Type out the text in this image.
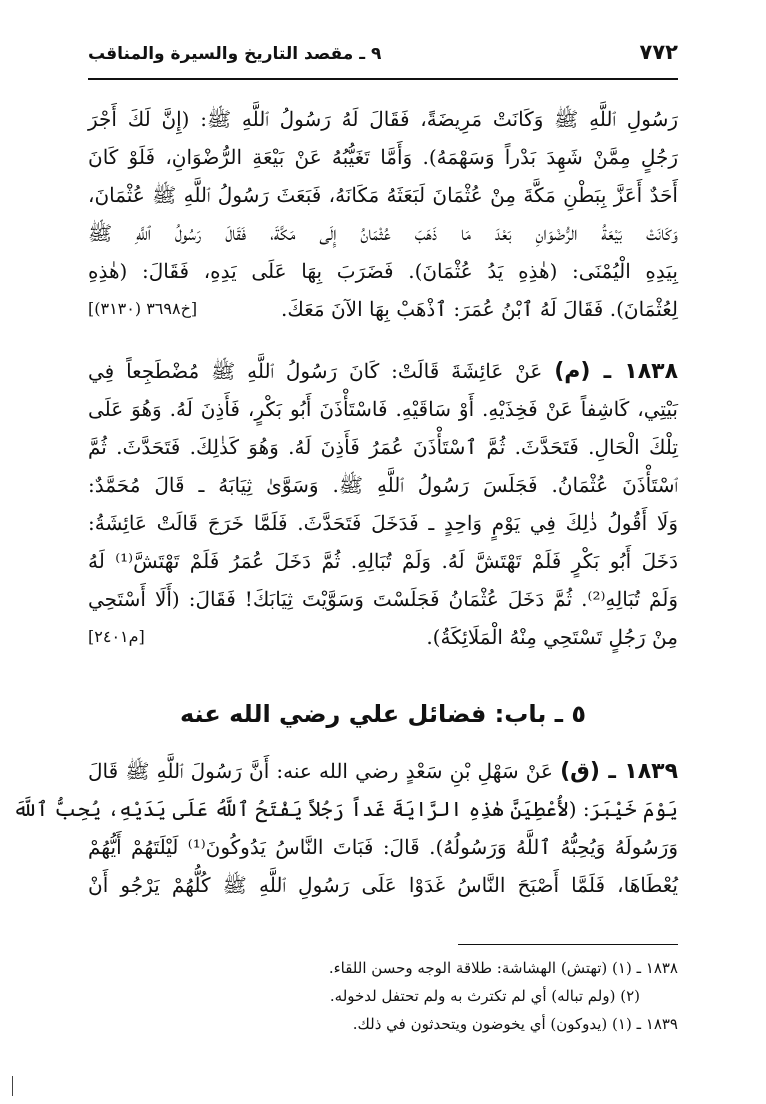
٧٧٢
٩ ـ مقصد التاريخ والسيرة والمناقب
رَسُولِ ٱللَّهِ ﷺ وَكَانَتْ مَرِيضَةً، فَقَالَ لَهُ رَسُولُ ٱللَّهِ ﷺ: (إِنَّ لَكَ أَجْرَ
رَجُلٍ مِمَّنْ شَهِدَ بَدْراً وَسَهْمَهُ). وَأَمَّا تَغَيُّبُهُ عَنْ بَيْعَةِ الرُّضْوَانِ، فَلَوْ كَانَ
أَحَدٌ أَعَزَّ بِبَطْنِ مَكَّةَ مِنْ عُثْمَانَ لَبَعَثَهُ مَكَانَهُ، فَبَعَثَ رَسُولُ ٱللَّهِ ﷺ عُثْمَانَ،
وَكَانَتْ بَيْعَةُ الرُّضْوَانِ بَعْدَ مَا ذَهَبَ عُثْمَانُ إِلَى مَكَّةَ، فَقَالَ رَسُولُ ٱللَّهِ ﷺ
بِيَدِهِ الْيُمْنَى: (هٰذِهِ يَدُ عُثْمَانَ). فَضَرَبَ بِهَا عَلَى يَدِهِ، فَقَالَ: (هٰذِهِ
لِعُثْمَانَ). فَقَالَ لَهُ ٱبْنُ عُمَرَ: ٱذْهَبْ بِهَا الآنَ مَعَكَ.
[خ٣٦٩٨ (٣١٣٠)]
١٨٣٨ ـ (م) عَنْ عَائِشَةَ قَالَتْ: كَانَ رَسُولُ ٱللَّهِ ﷺ مُضْطَجِعاً فِي
بَيْتِي، كَاشِفاً عَنْ فَخِذَيْهِ. أَوْ سَاقَيْهِ. فَاسْتَأْذَنَ أَبُو بَكْرٍ، فَأَذِنَ لَهُ. وَهُوَ عَلَى
تِلْكَ الْحَالِ. فَتَحَدَّثَ. ثُمَّ ٱسْتَأْذَنَ عُمَرُ فَأَذِنَ لَهُ. وَهُوَ كَذٰلِكَ. فَتَحَدَّثَ. ثُمَّ
ٱسْتَأْذَنَ عُثْمَانُ. فَجَلَسَ رَسُولُ ٱللَّهِ ﷺ. وَسَوَّىٰ ثِيَابَهُ ـ قَالَ مُحَمَّدٌ:
وَلَا أَقُولُ ذٰلِكَ فِي يَوْمٍ وَاحِدٍ ـ فَدَخَلَ فَتَحَدَّثَ. فَلَمَّا خَرَجَ قَالَتْ عَائِشَةُ:
دَخَلَ أَبُو بَكْرٍ فَلَمْ تَهْتَشَّ لَهُ. وَلَمْ تُبَالِهِ. ثُمَّ دَخَلَ عُمَرُ فَلَمْ تَهْتَشَّ⁽¹⁾ لَهُ
وَلَمْ تُبَالِهِ⁽²⁾. ثُمَّ دَخَلَ عُثْمَانُ فَجَلَسْتَ وَسَوَّيْتَ ثِيَابَكَ! فَقَالَ: (أَلَا أَسْتَحِي
مِنْ رَجُلٍ تَسْتَحِي مِنْهُ الْمَلَائِكَةُ).
[م٢٤٠١]
٥ ـ باب: فضائل علي رضي الله عنه
١٨٣٩ ـ (ق) عَنْ سَهْلِ بْنِ سَعْدٍ رضي الله عنه: أَنَّ رَسُولَ ٱللَّهِ ﷺ قَالَ
يَوْمَ خَيْبَرَ: (لأُعْطِيَنَّ هٰذِهِ الرَّايَةَ غَداً رَجُلاً يَفْتَحُ ٱللَّهُ عَلَى يَدَيْهِ، يُحِبُّ ٱللَّهَ
وَرَسُولَهُ وَيُحِبُّهُ ٱللَّهُ وَرَسُولُهُ). قَالَ: فَبَاتَ النَّاسُ يَدُوكُونَ⁽¹⁾ لَيْلَتَهُمْ أَيُّهُمْ
يُعْطَاهَا، فَلَمَّا أَصْبَحَ النَّاسُ غَدَوْا عَلَى رَسُولِ ٱللَّهِ ﷺ كُلُّهُمْ يَرْجُو أَنْ
١٨٣٨ ـ (١) (تهتش) الهشاشة: طلاقة الوجه وحسن اللقاء.
(٢) (ولم تباله) أي لم تكترث به ولم تحتفل لدخوله.
١٨٣٩ ـ (١) (يدوكون) أي يخوضون ويتحدثون في ذلك.
